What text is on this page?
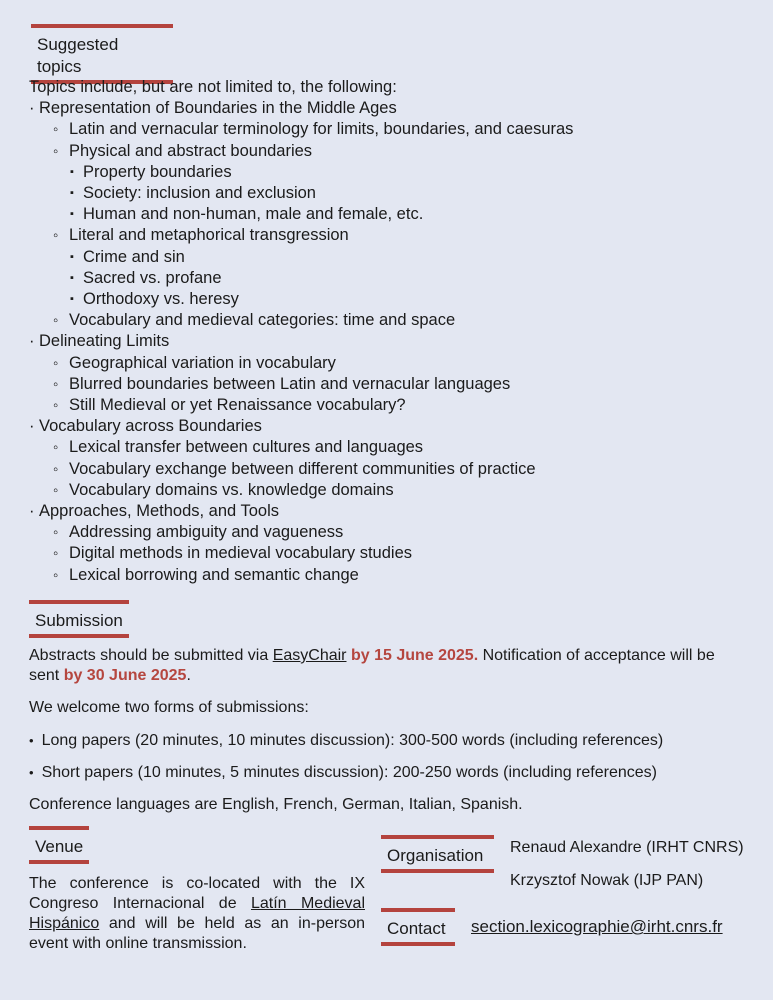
Suggested topics
Topics include, but are not limited to, the following:
· Representation of Boundaries in the Middle Ages
◦ Latin and vernacular terminology for limits, boundaries, and caesuras
◦ Physical and abstract boundaries
▪ Property boundaries
▪ Society: inclusion and exclusion
▪ Human and non-human, male and female, etc.
◦ Literal and metaphorical transgression
▪ Crime and sin
▪ Sacred vs. profane
▪ Orthodoxy vs. heresy
◦ Vocabulary and medieval categories: time and space
· Delineating Limits
◦ Geographical variation in vocabulary
◦ Blurred boundaries between Latin and vernacular languages
◦ Still Medieval or yet Renaissance vocabulary?
· Vocabulary across Boundaries
◦ Lexical transfer between cultures and languages
◦ Vocabulary exchange between different communities of practice
◦ Vocabulary domains vs. knowledge domains
· Approaches, Methods, and Tools
◦ Addressing ambiguity and vagueness
◦ Digital methods in medieval vocabulary studies
◦ Lexical borrowing and semantic change
Submission
Abstracts should be submitted via EasyChair by 15 June 2025. Notification of acceptance will be sent by 30 June 2025.
We welcome two forms of submissions:
• Long papers (20 minutes, 10 minutes discussion): 300-500 words (including references)
• Short papers (10 minutes, 5 minutes discussion): 200-250 words (including references)
Conference languages are English, French, German, Italian, Spanish.
Venue
The conference is co-located with the IX Congreso Internacional de Latín Medieval Hispánico and will be held as an in-person event with online transmission.
Organisation	Renaud Alexandre (IRHT CNRS)
Krzysztof Nowak (IJP PAN)
Contact	section.lexicographie@irht.cnrs.fr
